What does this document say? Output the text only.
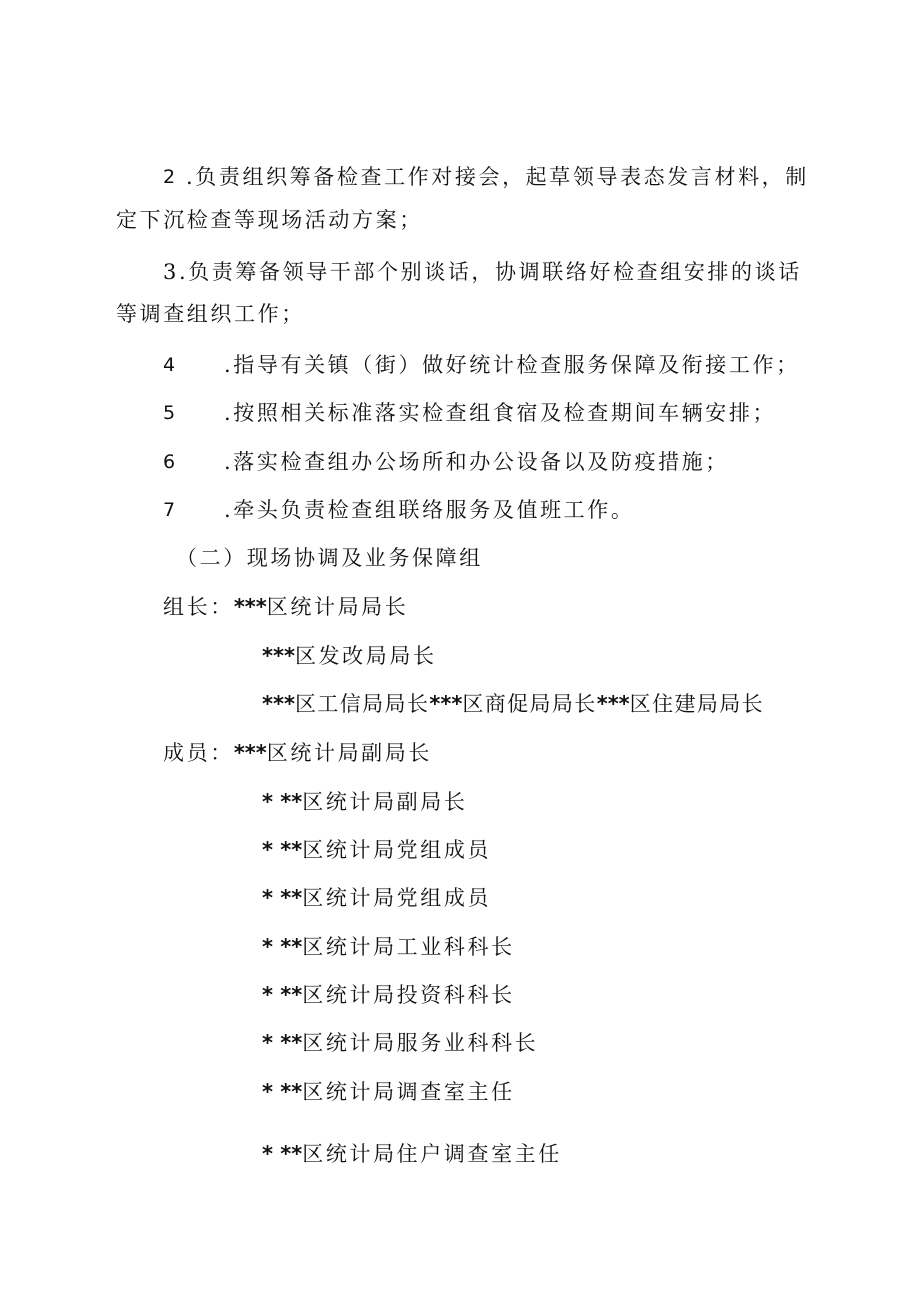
2 .负责组织筹备检查工作对接会，起草领导表态发言材料，制
定下沉检查等现场活动方案；
3.负责筹备领导干部个别谈话，协调联络好检查组安排的谈话
等调查组织工作；
4 .指导有关镇（街）做好统计检查服务保障及衔接工作；
5 .按照相关标准落实检查组食宿及检查期间车辆安排；
6 .落实检查组办公场所和办公设备以及防疫措施；
7 .牵头负责检查组联络服务及值班工作。
（二）现场协调及业务保障组
组长：***区统计局局长
***区发改局局长
***区工信局局长***区商促局局长***区住建局局长
成员：***区统计局副局长
* **区统计局副局长
* **区统计局党组成员
* **区统计局党组成员
* **区统计局工业科科长
* **区统计局投资科科长
* **区统计局服务业科科长
* **区统计局调查室主任
* **区统计局住户调查室主任
